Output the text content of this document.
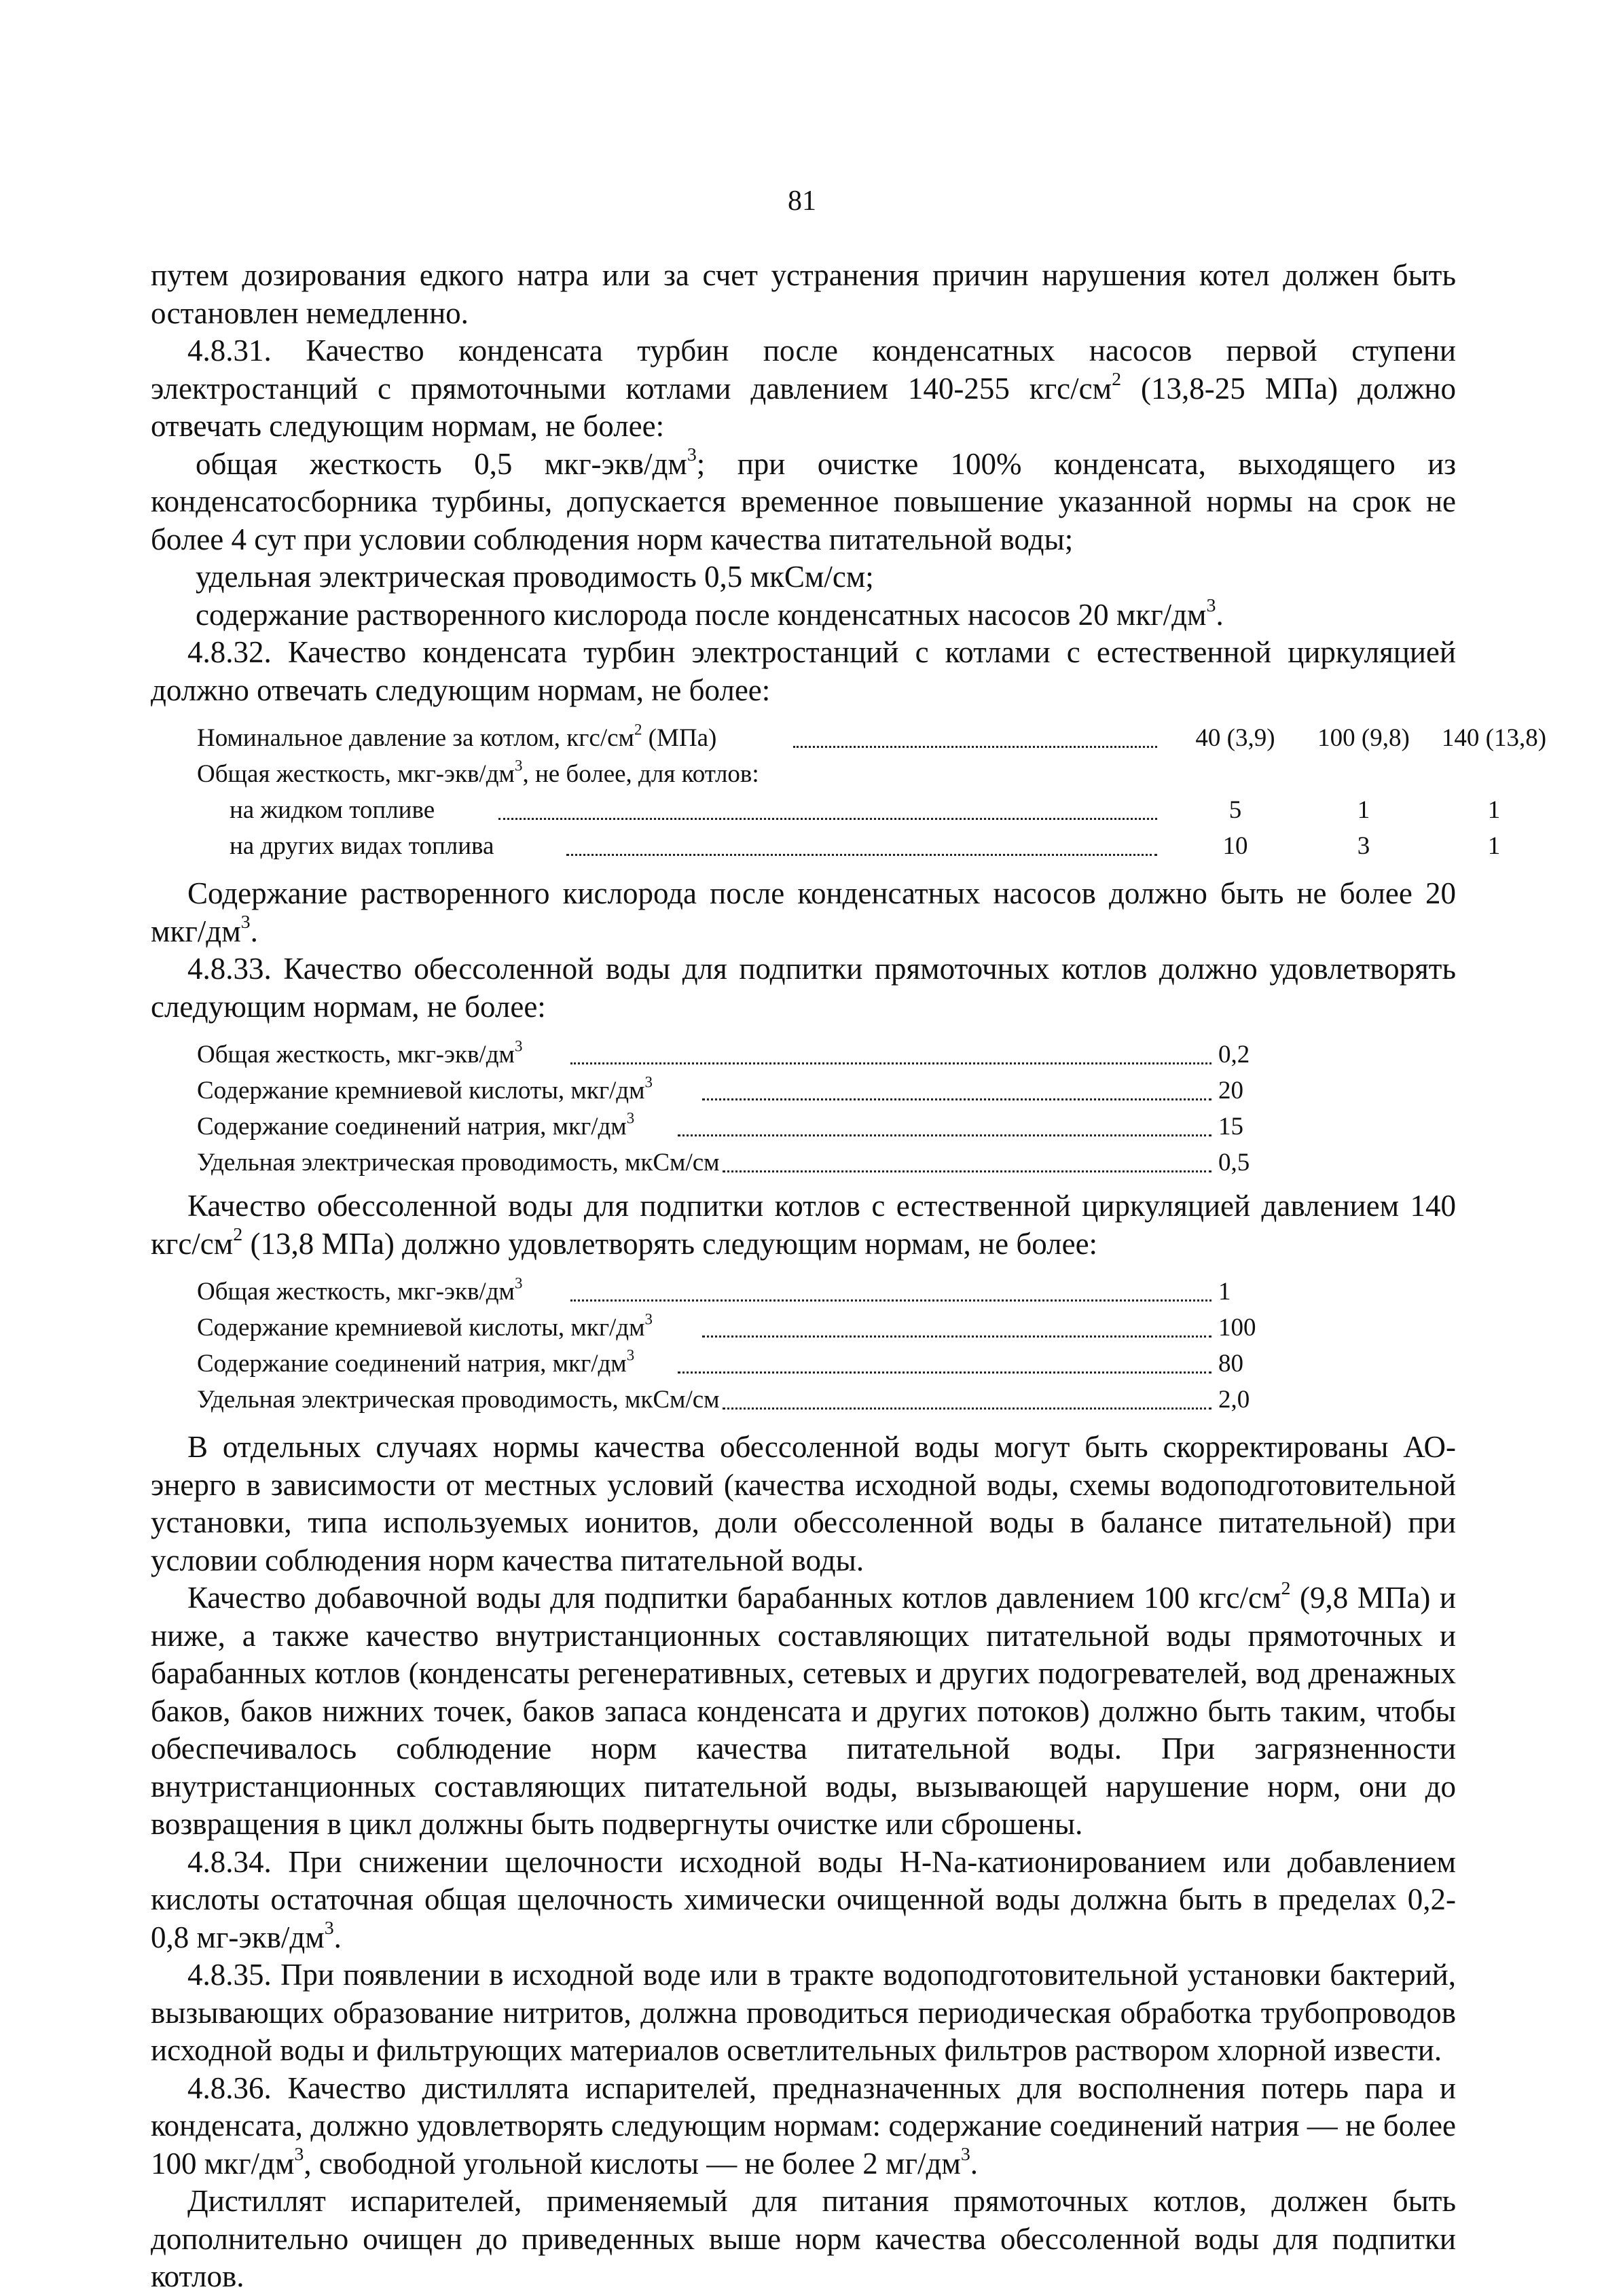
81

путем дозирования едкого натра или за счет устранения причин нарушения котел должен быть остановлен немедленно.

4.8.31. Качество конденсата турбин после конденсатных насосов первой ступени электростанций с прямоточными котлами давлением 140-255 кгс/$см^2$ (13,8-25 МПа) должно отвечать следующим нормам, не более:

общая жесткость 0,5 мкг-$экв/дм^3$; при очистке 100% конденсата, выходящего из конденсатосборника турбины, допускается временное повышение указанной нормы на срок не более 4 сут при условии соблюдения норм качества питательной воды;

удельная электрическая проводимость 0,5 мкСм/см;

содержание растворенного кислорода после конденсатных насосов 20 мкг/$дм^3$.

4.8.32. Качество конденсата турбин электростанций с котлами с естественной циркуляцией должно отвечать следующим нормам, не более:

Номинальное давление за котлом, кгс/$см^2$ (МПа)	40 (3,9)	100 (9,8)	140 (13,8)
Общая жесткость, мкг-$экв/дм^3$, не более, для котлов:
на жидком топливе	5	1	1
на других видах топлива	10	3	1

Содержание растворенного кислорода после конденсатных насосов должно быть не более 20 мкг/$дм^3$.

4.8.33. Качество обессоленной воды для подпитки прямоточных котлов должно удовлетворять следующим нормам, не более:

Общая жесткость, мкг-$экв/дм^3$	0,2
Содержание кремниевой кислоты, мкг/$дм^3$	20
Содержание соединений натрия, мкг/$дм^3$	15
Удельная электрическая проводимость, мкСм/см	0,5

Качество обессоленной воды для подпитки котлов с естественной циркуляцией давлением 140 кгс/$см^2$ (13,8 МПа) должно удовлетворять следующим нормам, не более:

Общая жесткость, мкг-$экв/дм^3$	1
Содержание кремниевой кислоты, мкг/$дм^3$	100
Содержание соединений натрия, мкг/$дм^3$	80
Удельная электрическая проводимость, мкСм/см	2,0

В отдельных случаях нормы качества обессоленной воды могут быть скорректированы АО-энерго в зависимости от местных условий (качества исходной воды, схемы водоподготовительной установки, типа используемых ионитов, доли обессоленной воды в балансе питательной) при условии соблюдения норм качества питательной воды.

Качество добавочной воды для подпитки барабанных котлов давлением 100 кгс/$см^2$ (9,8 МПа) и ниже, а также качество внутристанционных составляющих питательной воды прямоточных и барабанных котлов (конденсаты регенеративных, сетевых и других подогревателей, вод дренажных баков, баков нижних точек, баков запаса конденсата и других потоков) должно быть таким, чтобы обеспечивалось соблюдение норм качества питательной воды. При загрязненности внутристанционных составляющих питательной воды, вызывающей нарушение норм, они до возвращения в цикл должны быть подвергнуты очистке или сброшены.

4.8.34. При снижении щелочности исходной воды H-Na-катионированием или добавлением кислоты остаточная общая щелочность химически очищенной воды должна быть в пределах 0,2-0,8 $мг-экв/дм^3$.

4.8.35. При появлении в исходной воде или в тракте водоподготовительной установки бактерий, вызывающих образование нитритов, должна проводиться периодическая обработка трубопроводов исходной воды и фильтрующих материалов осветлительных фильтров раствором хлорной извести.

4.8.36. Качество дистиллята испарителей, предназначенных для восполнения потерь пара и конденсата, должно удовлетворять следующим нормам: содержание соединений натрия — не более 100 мкг/$дм^3$, свободной угольной кислоты — не более 2 $мг/дм^3$.

Дистиллят испарителей, применяемый для питания прямоточных котлов, должен быть дополнительно очищен до приведенных выше норм качества обессоленной воды для подпитки котлов.
